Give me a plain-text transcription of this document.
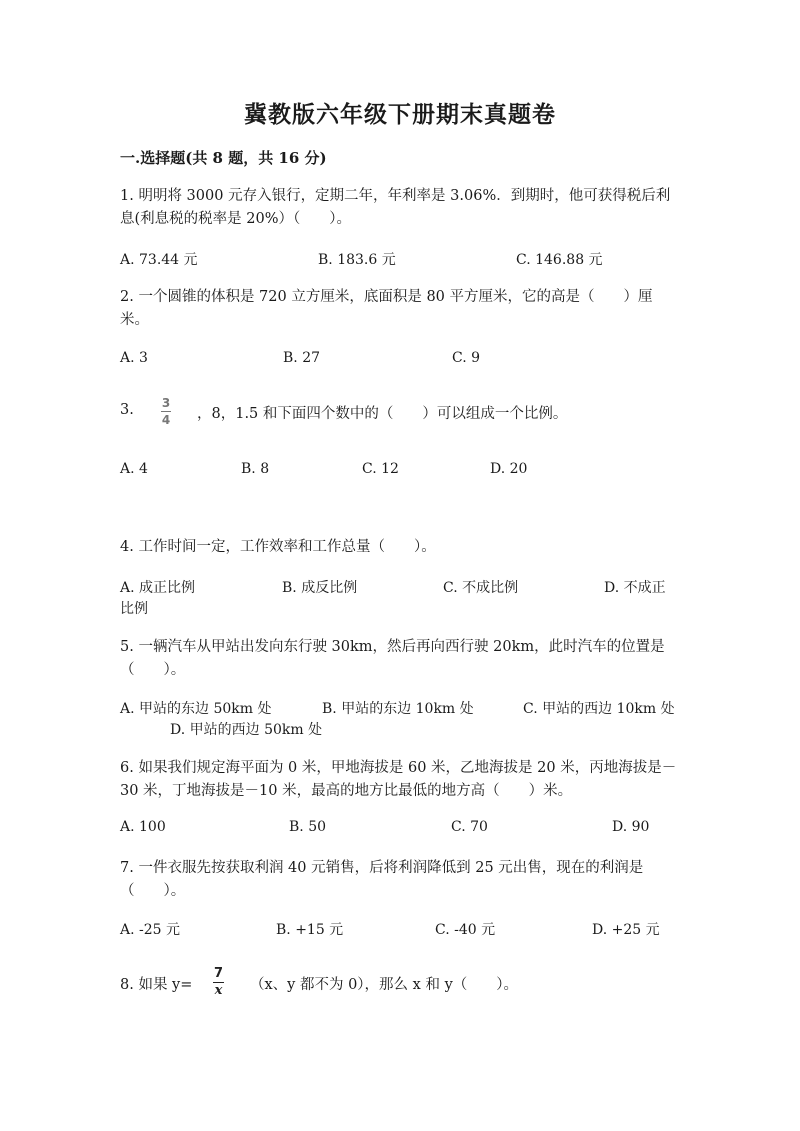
冀教版六年级下册期末真题卷
一.选择题(共 8 题，共 16 分)
1. 明明将 3000 元存入银行，定期二年，年利率是 3.06%．到期时，他可获得税后利息(利息税的税率是 20%）（　　）。
A. 73.44 元	B. 183.6 元	C. 146.88 元
2. 一个圆锥的体积是 720 立方厘米，底面积是 80 平方厘米，它的高是（　　）厘米。
A. 3	B. 27	C. 9
3. 3
4 ，8，1.5 和下面四个数中的（　　）可以组成一个比例。
A. 4	B. 8	C. 12	D. 20
4. 工作时间一定，工作效率和工作总量（　　）。
A. 成正比例	B. 成反比例	C. 不成比例	D. 不成正
比例
5. 一辆汽车从甲站出发向东行驶 30km，然后再向西行驶 20km，此时汽车的位置是（　　）。
A. 甲站的东边 50km 处	B. 甲站的东边 10km 处	C. 甲站的西边 10km 处
D. 甲站的西边 50km 处
6. 如果我们规定海平面为 0 米，甲地海拔是 60 米，乙地海拔是 20 米，丙地海拔是－30 米，丁地海拔是－10 米，最高的地方比最低的地方高（　　）米。
A. 100	B. 50	C. 70	D. 90
7. 一件衣服先按获取利润 40 元销售，后将利润降低到 25 元出售，现在的利润是（　　）。
A. -25 元	B. +15 元	C. -40 元	D. +25 元
8. 如果 y=
7
x （x、y 都不为 0），那么 x 和 y（　　）。
